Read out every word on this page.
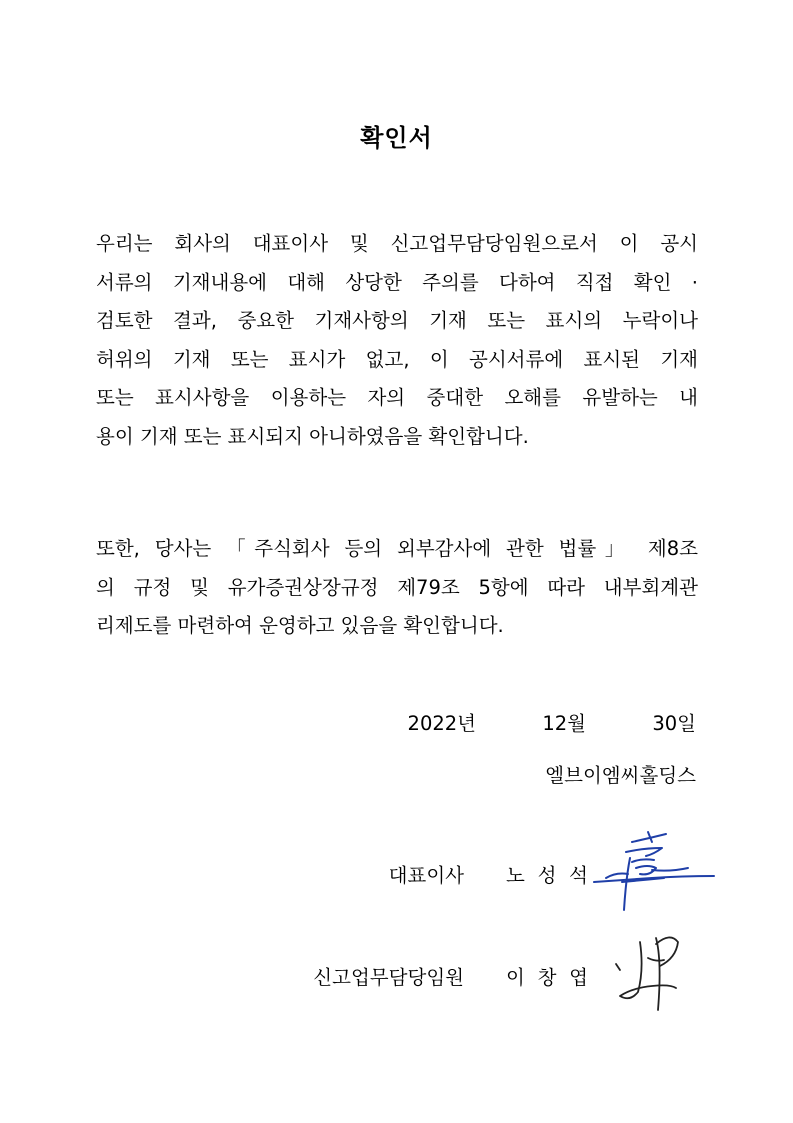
확인서
우리는 회사의 대표이사 및 신고업무담당임원으로서 이 공시
서류의 기재내용에 대해 상당한 주의를 다하여 직접 확인 ·
검토한 결과, 중요한 기재사항의 기재 또는 표시의 누락이나
허위의 기재 또는 표시가 없고, 이 공시서류에 표시된 기재
또는 표시사항을 이용하는 자의 중대한 오해를 유발하는 내
용이 기재 또는 표시되지 아니하였음을 확인합니다.
또한, 당사는 「주식회사 등의 외부감사에 관한 법률」 제8조
의 규정 및 유가증권상장규정 제79조 5항에 따라 내부회계관
리제도를 마련하여 운영하고 있음을 확인합니다.
2022년	12월	30일
엘브이엠씨홀딩스
대표이사 노 성 석
신고업무담당임원 이 창 엽
